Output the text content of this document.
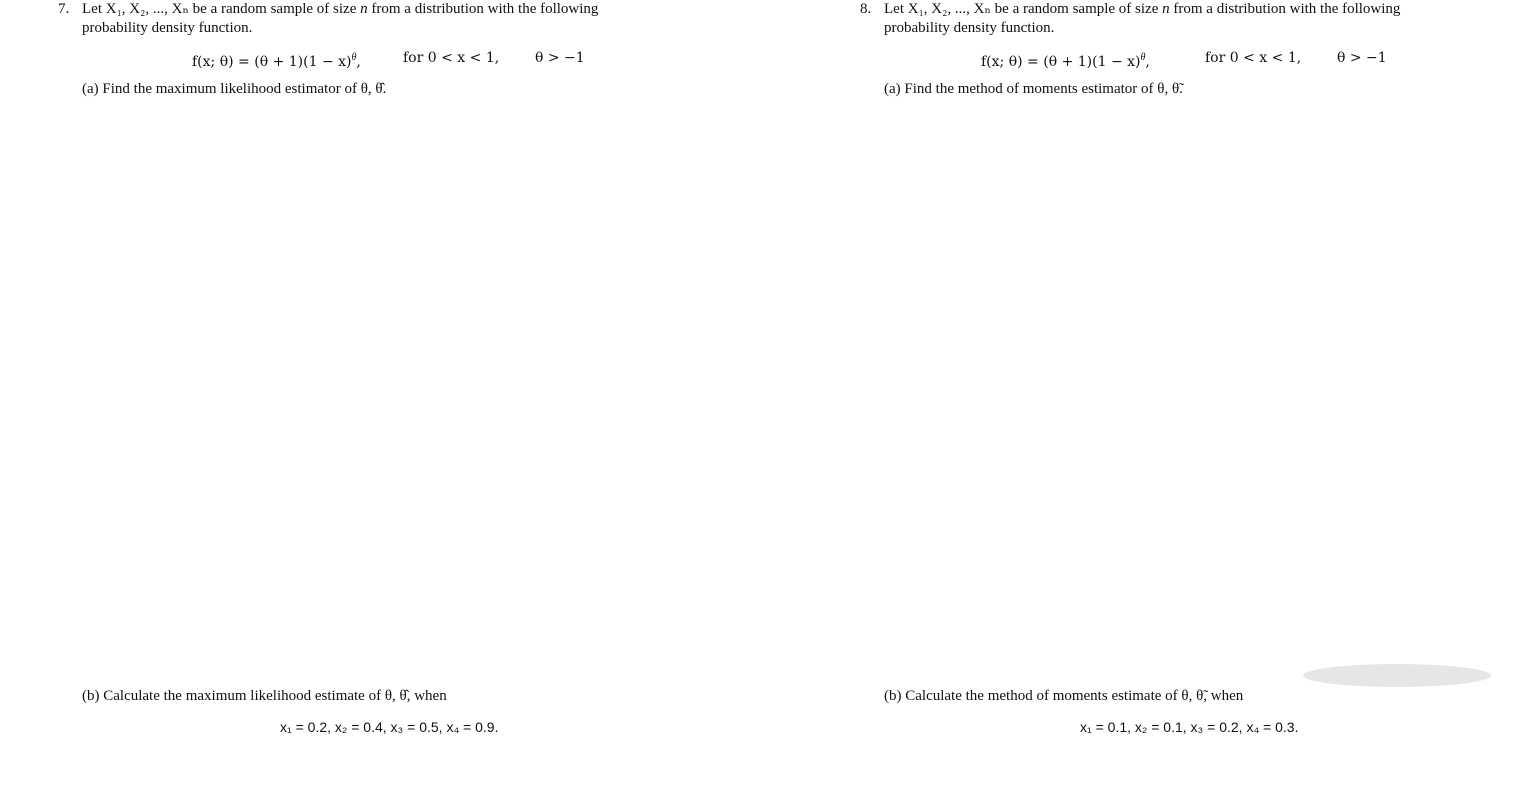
7. Let X₁, X₂, ..., Xₙ be a random sample of size n from a distribution with the following
probability density function.
f(x; $\theta) = (\theta + 1)(1 - x)^\theta$,	for 0 < x < 1,	θ > −1
(a) Find the maximum likelihood estimator of θ, θ̂.
(b) Calculate the maximum likelihood estimate of θ, θ̂, when
x₁ = 0.2, x₂ = 0.4, x₃ = 0.5, x₄ = 0.9.
8. Let X₁, X₂, ..., Xₙ be a random sample of size n from a distribution with the following
probability density function.
f(x; $\theta) = (\theta + 1)(1 - x)^\theta$,	for 0 < x < 1,	θ > −1
(a) Find the method of moments estimator of θ, θ̃.
(b) Calculate the method of moments estimate of θ, θ̃, when
x₁ = 0.1, x₂ = 0.1, x₃ = 0.2, x₄ = 0.3.
